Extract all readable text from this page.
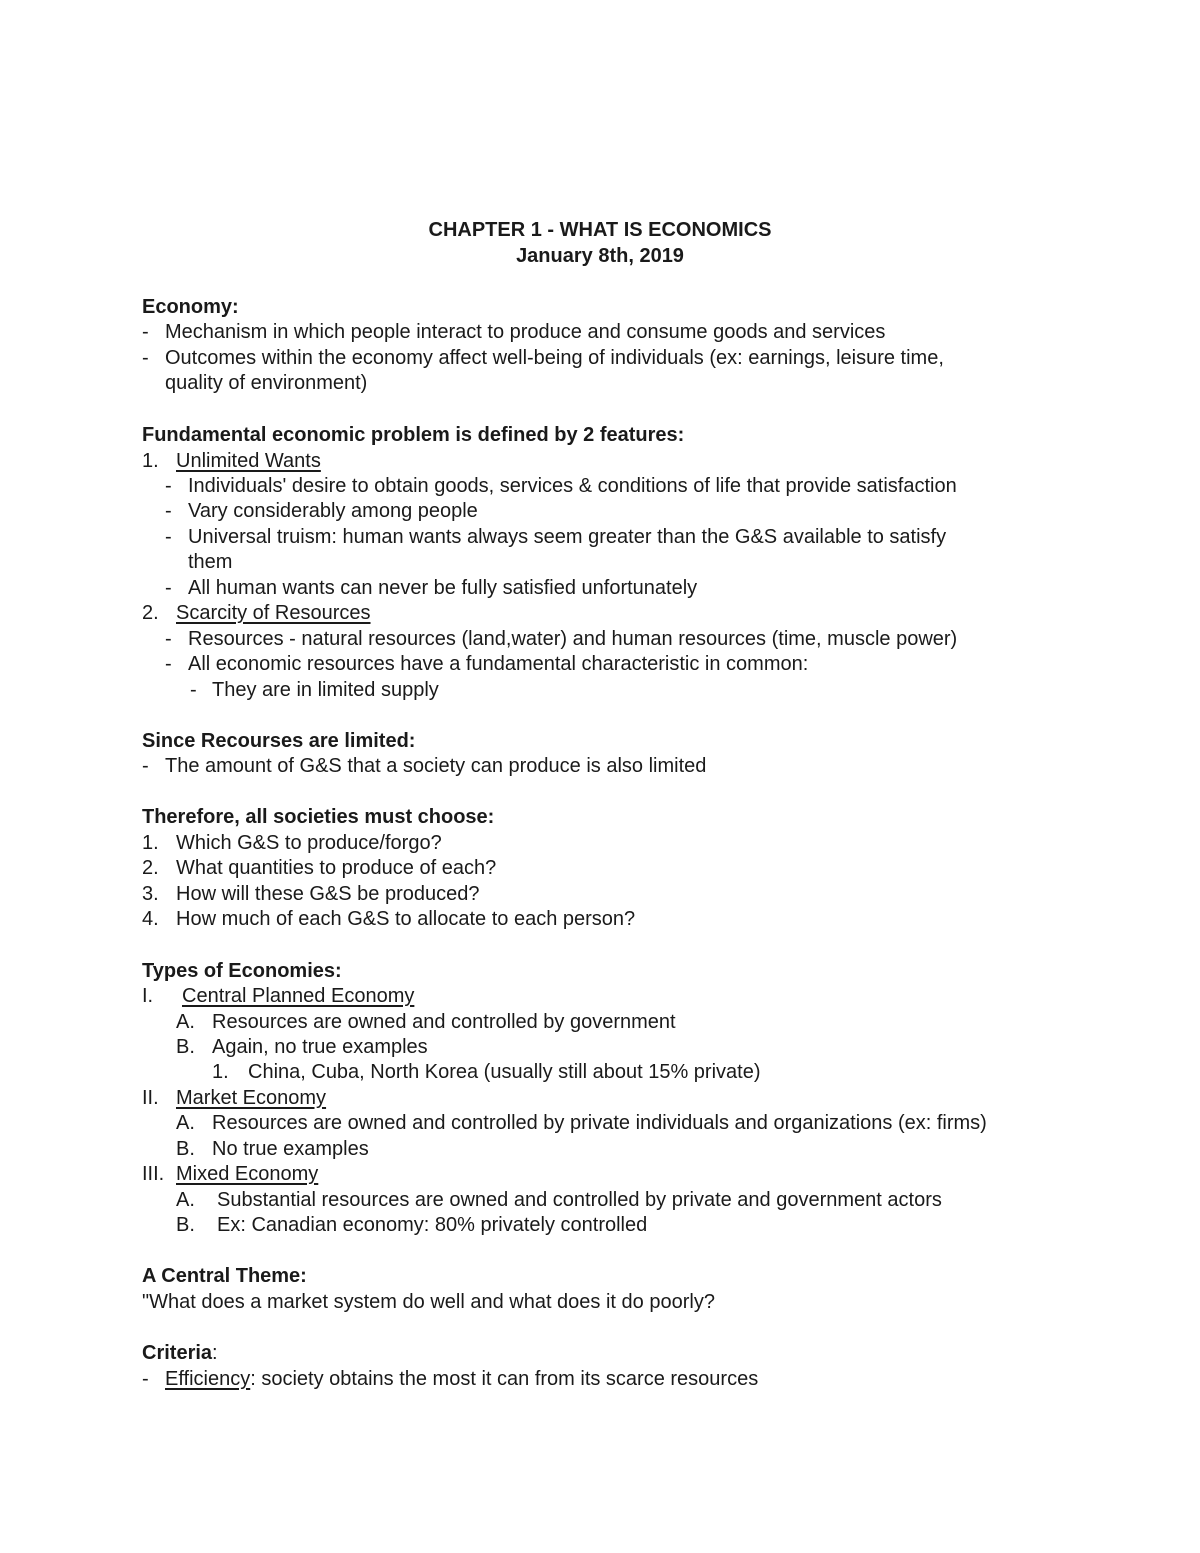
CHAPTER 1 - WHAT IS ECONOMICS
January 8th, 2019
Economy:
- Mechanism in which people interact to produce and consume goods and services
- Outcomes within the economy affect well-being of individuals (ex: earnings, leisure time,
quality of environment)
Fundamental economic problem is defined by 2 features:
1. Unlimited Wants
- Individuals' desire to obtain goods, services & conditions of life that provide satisfaction
- Vary considerably among people
- Universal truism: human wants always seem greater than the G&S available to satisfy
them
- All human wants can never be fully satisfied unfortunately
2. Scarcity of Resources
- Resources - natural resources (land,water) and human resources (time, muscle power)
- All economic resources have a fundamental characteristic in common:
- They are in limited supply
Since Recourses are limited:
- The amount of G&S that a society can produce is also limited
Therefore, all societies must choose:
1. Which G&S to produce/forgo?
2. What quantities to produce of each?
3. How will these G&S be produced?
4. How much of each G&S to allocate to each person?
Types of Economies:
I. Central Planned Economy
A. Resources are owned and controlled by government
B. Again, no true examples
1. China, Cuba, North Korea (usually still about 15% private)
II. Market Economy
A. Resources are owned and controlled by private individuals and organizations (ex: firms)
B. No true examples
III. Mixed Economy
A. Substantial resources are owned and controlled by private and government actors
B. Ex: Canadian economy: 80% privately controlled
A Central Theme:
"What does a market system do well and what does it do poorly?
Criteria:
- Efficiency: society obtains the most it can from its scarce resources
